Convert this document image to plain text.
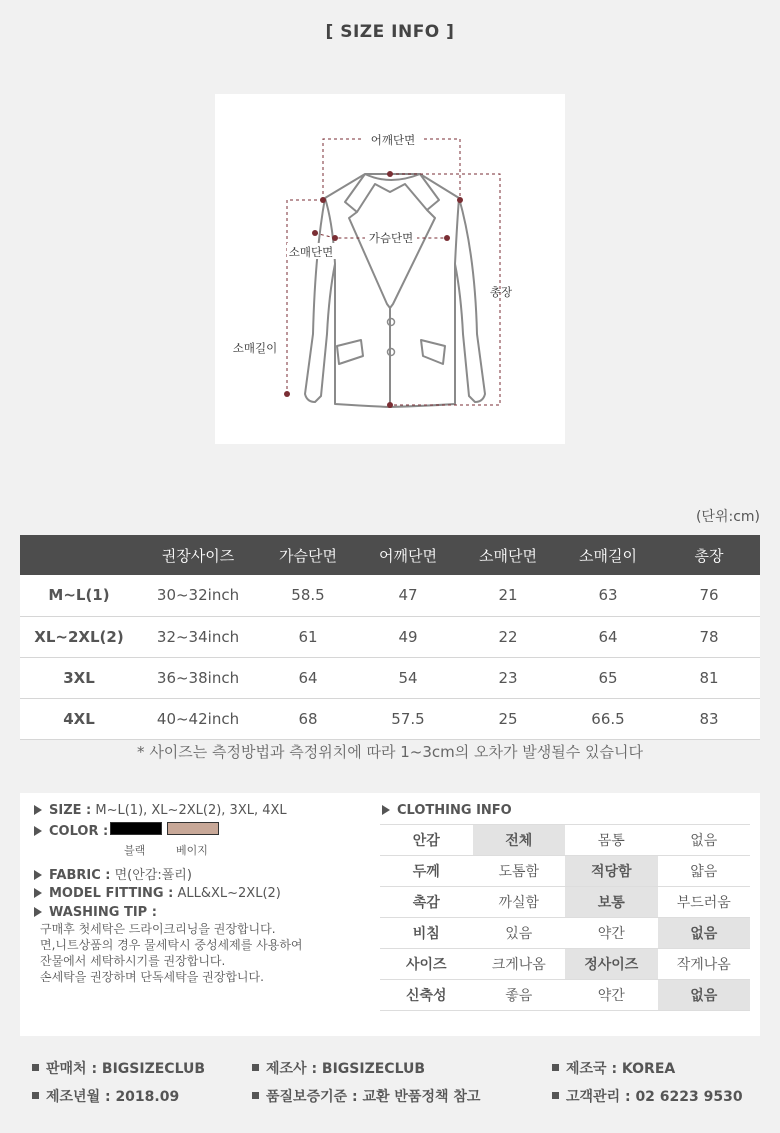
[ SIZE INFO ]
어깨단면
가슴단면
소매단면
총장
소매길이
(단위:cm)
	권장사이즈	가슴단면	어깨단면	소매단면	소매길이	총장
M~L(1)	30~32inch	58.5	47	21	63	76
XL~2XL(2)	32~34inch	61	49	22	64	78
3XL	36~38inch	64	54	23	65	81
4XL	40~42inch	68	57.5	25	66.5	83
* 사이즈는 측정방법과 측정위치에 따라 1~3cm의 오차가 발생될수 있습니다
SIZE : M~L(1), XL~2XL(2), 3XL, 4XL
COLOR :
블랙	베이지
FABRIC : 면(안감:폴리)
MODEL FITTING : ALL&XL~2XL(2)
WASHING TIP :
구매후 첫세탁은 드라이크리닝을 권장합니다.
면,니트상품의 경우 물세탁시 중성세제를 사용하여
잔물에서 세탁하시기를 권장합니다.
손세탁을 권장하며 단독세탁을 권장합니다.
CLOTHING INFO
안감	전체	몸통	없음
두께	도톰함	적당함	얇음
촉감	까실함	보통	부드러움
비침	있음	약간	없음
사이즈	크게나옴	정사이즈	작게나옴
신축성	좋음	약간	없음
판매처 : BIGSIZECLUB	제조사 : BIGSIZECLUB	제조국 : KOREA
제조년월 : 2018.09	품질보증기준 : 교환 반품정책 참고	고객관리 : 02 6223 9530
